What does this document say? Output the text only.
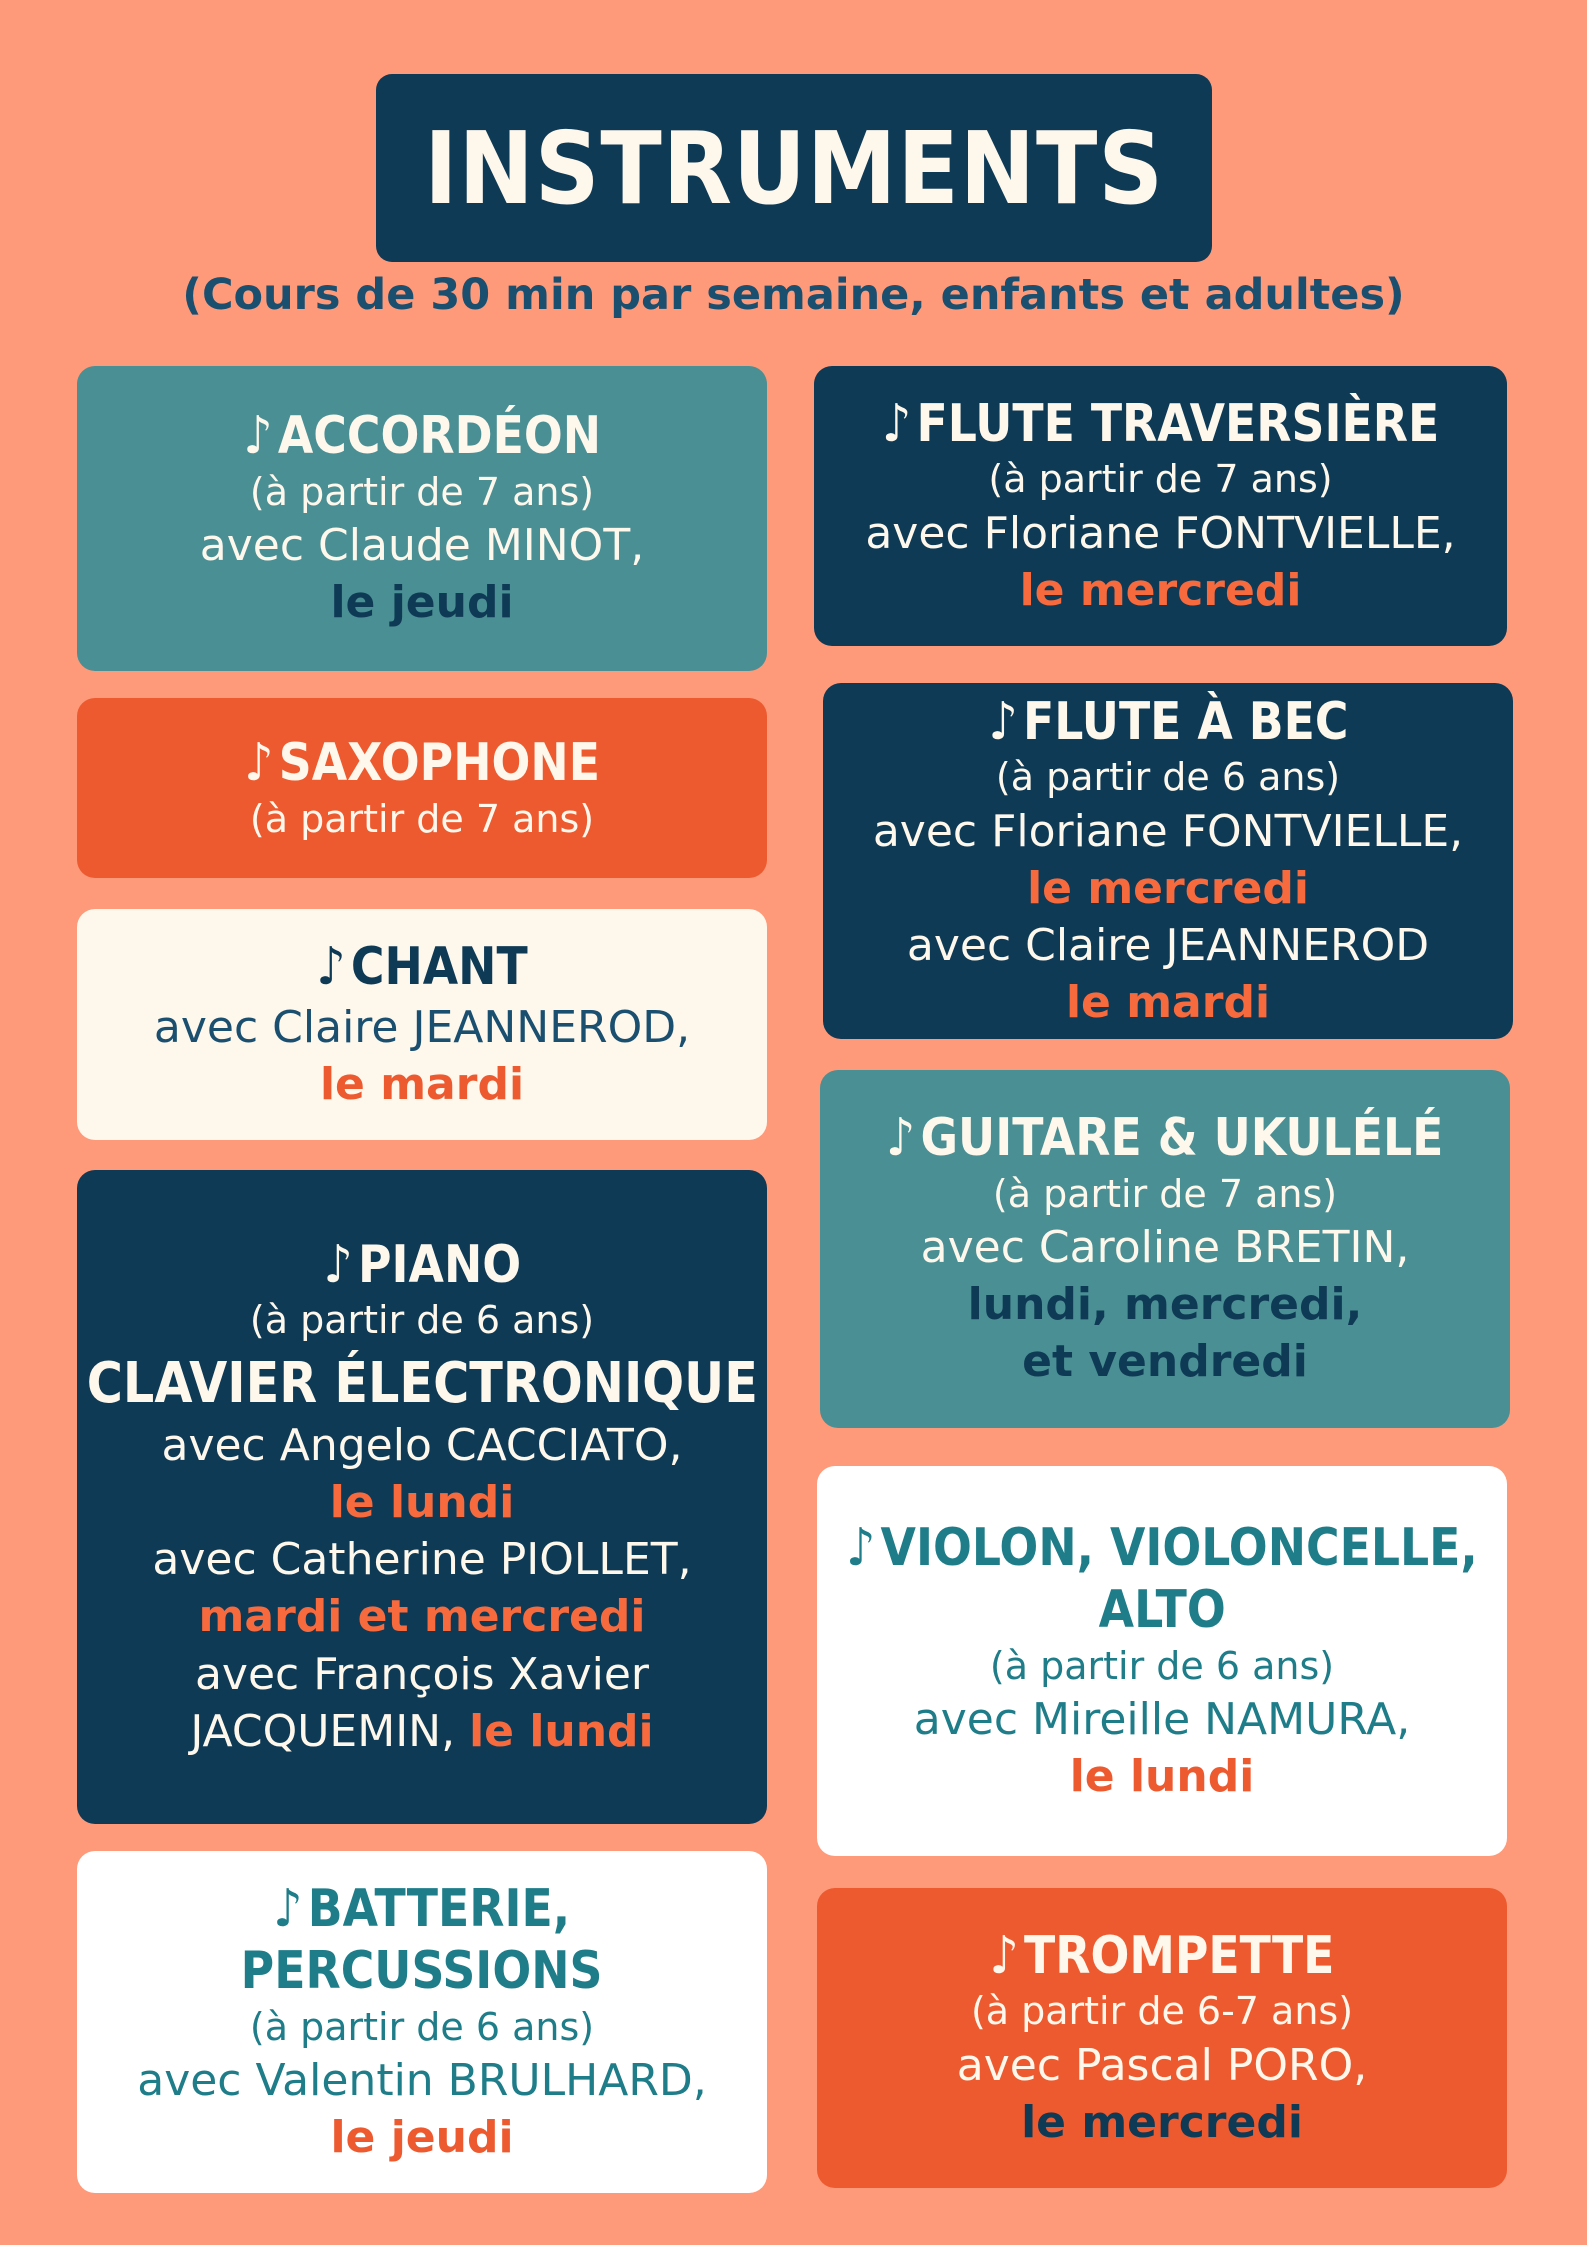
INSTRUMENTS
(Cours de 30 min par semaine, enfants et adultes)
♪ ACCORDÉON
(à partir de 7 ans)
avec Claude MINOT,
le jeudi
♪ SAXOPHONE
(à partir de 7 ans)
♪ CHANT
avec Claire JEANNEROD,
le mardi
♪ PIANO
(à partir de 6 ans)
CLAVIER ÉLECTRONIQUE
avec Angelo CACCIATO,
le lundi
avec Catherine PIOLLET,
mardi et mercredi
avec François Xavier
JACQUEMIN, le lundi
♪ BATTERIE,
PERCUSSIONS
(à partir de 6 ans)
avec Valentin BRULHARD,
le jeudi
♪ FLUTE TRAVERSIÈRE
(à partir de 7 ans)
avec Floriane FONTVIELLE,
le mercredi
♪ FLUTE À BEC
(à partir de 6 ans)
avec Floriane FONTVIELLE,
le mercredi
avec Claire JEANNEROD
le mardi
♪ GUITARE & UKULÉLÉ
(à partir de 7 ans)
avec Caroline BRETIN,
lundi, mercredi,
et vendredi
♪ VIOLON, VIOLONCELLE,
ALTO
(à partir de 6 ans)
avec Mireille NAMURA,
le lundi
♪ TROMPETTE
(à partir de 6-7 ans)
avec Pascal PORO,
le mercredi
